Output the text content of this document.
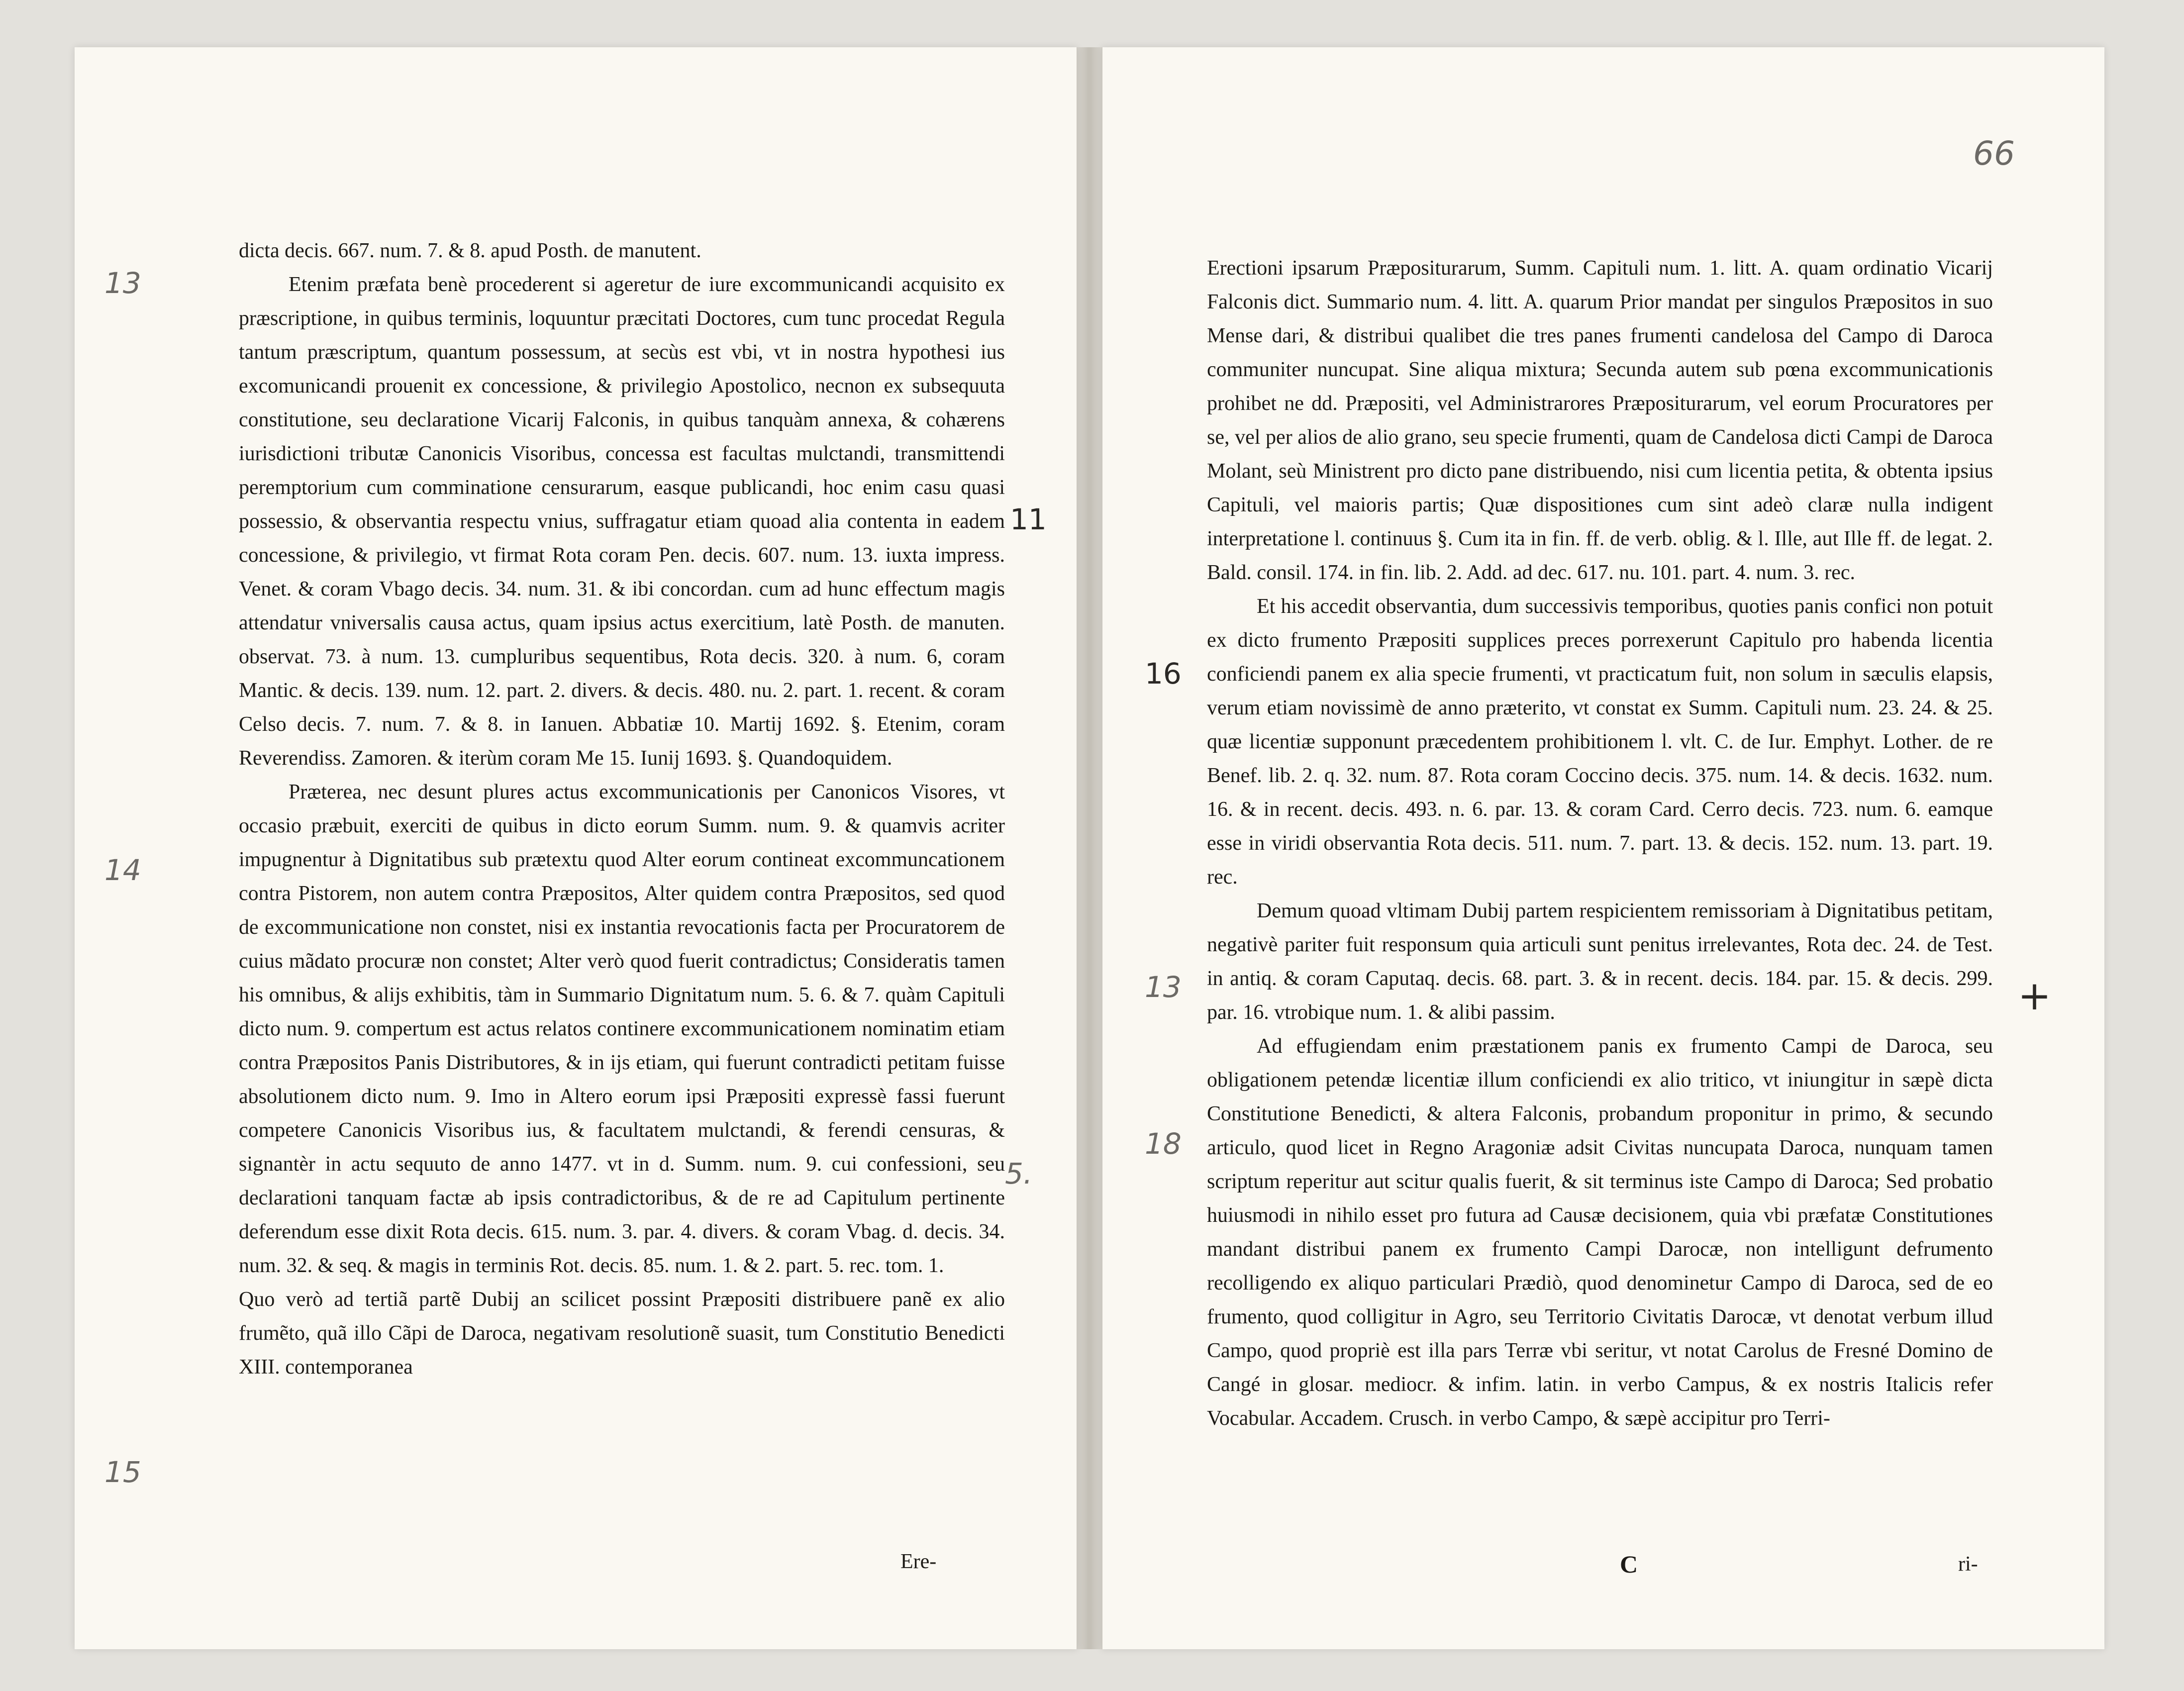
13
11
14
5.
15

dicta decis. 667. num. 7. & 8. apud Posth. de manutent.

Etenim præfata benè procederent si ageretur de iure excommunicandi acquisito ex præscriptione, in quibus terminis, loquuntur præcitati Doctores, cum tunc procedat Regula tantum præscriptum, quantum possessum, at secùs est vbi, vt in nostra hypothesi ius excomunicandi prouenit ex concessione, & privilegio Apostolico, necnon ex subsequuta constitutione, seu declaratione Vicarij Falconis, in quibus tanquàm annexa, & cohærens iurisdictioni tributæ Canonicis Visoribus, concessa est facultas mulctandi, transmittendi peremptorium cum comminatione censurarum, easque publicandi, hoc enim casu quasi possessio, & observantia respectu vnius, suffragatur etiam quoad alia contenta in eadem concessione, & privilegio, vt firmat Rota coram Pen. decis. 607. num. 13. iuxta impress. Venet. & coram Vbago decis. 34. num. 31. & ibi concordan. cum ad hunc effectum magis attendatur vniversalis causa actus, quam ipsius actus exercitium, latè Posth. de manuten. observat. 73. à num. 13. cumpluribus sequentibus, Rota decis. 320. à num. 6, coram Mantic. & decis. 139. num. 12. part. 2. divers. & decis. 480. nu. 2. part. 1. recent. & coram Celso decis. 7. num. 7. & 8. in Ianuen. Abbatiæ 10. Martij 1692. §. Etenim, coram Reverendiss. Zamoren. & iterùm coram Me 15. Iunij 1693. §. Quandoquidem.

Præterea, nec desunt plures actus excommunicationis per Canonicos Visores, vt occasio præbuit, exerciti de quibus in dicto eorum Summ. num. 9. & quamvis acriter impugnentur à Dignitatibus sub prætextu quod Alter eorum contineat excommuncationem contra Pistorem, non autem contra Præpositos, Alter quidem contra Præpositos, sed quod de excommunicatione non constet, nisi ex instantia revocationis facta per Procuratorem de cuius mãdato procuræ non constet; Alter verò quod fuerit contradictus; Consideratis tamen his omnibus, & alijs exhibitis, tàm in Summario Dignitatum num. 5. 6. & 7. quàm Capituli dicto num. 9. compertum est actus relatos continere excommunicationem nominatim etiam contra Præpositos Panis Distributores, & in ijs etiam, qui fuerunt contradicti petitam fuisse absolutionem dicto num. 9. Imo in Altero eorum ipsi Præpositi expressè fassi fuerunt competere Canonicis Visoribus ius, & facultatem mulctandi, & ferendi censuras, & signantèr in actu sequuto de anno 1477. vt in d. Summ. num. 9. cui confessioni, seu declarationi tanquam factæ ab ipsis contradictoribus, & de re ad Capitulum pertinente deferendum esse dixit Rota decis. 615. num. 3. par. 4. divers. & coram Vbag. d. decis. 34. num. 32. & seq. & magis in terminis Rot. decis. 85. num. 1. & 2. part. 5. rec. tom. 1.

Quo verò ad tertiã partẽ Dubij an scilicet possint Præpositi distribuere panẽ ex alio frumẽto, quã illo Cãpi de Daroca, negativam resolutionẽ suasit, tum Constitutio Benedicti XIII. contemporanea

Ere-
66
16
13
18
+

Erectioni ipsarum Præpositurarum, Summ. Capituli num. 1. litt. A. quam ordinatio Vicarij Falconis dict. Summario num. 4. litt. A. quarum Prior mandat per singulos Præpositos in suo Mense dari, & distribui qualibet die tres panes frumenti candelosa del Campo di Daroca communiter nuncupat. Sine aliqua mixtura; Secunda autem sub pœna excommunicationis prohibet ne dd. Præpositi, vel Administrarores Præpositurarum, vel eorum Procuratores per se, vel per alios de alio grano, seu specie frumenti, quam de Candelosa dicti Campi de Daroca Molant, seù Ministrent pro dicto pane distribuendo, nisi cum licentia petita, & obtenta ipsius Capituli, vel maioris partis; Quæ dispositiones cum sint adeò claræ nulla indigent interpretatione l. continuus §. Cum ita in fin. ff. de verb. oblig. & l. Ille, aut Ille ff. de legat. 2. Bald. consil. 174. in fin. lib. 2. Add. ad dec. 617. nu. 101. part. 4. num. 3. rec.

Et his accedit observantia, dum successivis temporibus, quoties panis confici non potuit ex dicto frumento Præpositi supplices preces porrexerunt Capitulo pro habenda licentia conficiendi panem ex alia specie frumenti, vt practicatum fuit, non solum in sæculis elapsis, verum etiam novissimè de anno præterito, vt constat ex Summ. Capituli num. 23. 24. & 25. quæ licentiæ supponunt præcedentem prohibitionem l. vlt. C. de Iur. Emphyt. Lother. de re Benef. lib. 2. q. 32. num. 87. Rota coram Coccino decis. 375. num. 14. & decis. 1632. num. 16. & in recent. decis. 493. n. 6. par. 13. & coram Card. Cerro decis. 723. num. 6. eamque esse in viridi observantia Rota decis. 511. num. 7. part. 13. & decis. 152. num. 13. part. 19. rec.

Demum quoad vltimam Dubij partem respicientem remissoriam à Dignitatibus petitam, negativè pariter fuit responsum quia articuli sunt penitus irrelevantes, Rota dec. 24. de Test. in antiq. & coram Caputaq. decis. 68. part. 3. & in recent. decis. 184. par. 15. & decis. 299. par. 16. vtrobique num. 1. & alibi passim.

Ad effugiendam enim præstationem panis ex frumento Campi de Daroca, seu obligationem petendæ licentiæ illum conficiendi ex alio tritico, vt iniungitur in sæpè dicta Constitutione Benedicti, & altera Falconis, probandum proponitur in primo, & secundo articulo, quod licet in Regno Aragoniæ adsit Civitas nuncupata Daroca, nunquam tamen scriptum reperitur aut scitur qualis fuerit, & sit terminus iste Campo di Daroca; Sed probatio huiusmodi in nihilo esset pro futura ad Causæ decisionem, quia vbi præfatæ Constitutiones mandant distribui panem ex frumento Campi Darocæ, non intelligunt defrumento recolligendo ex aliquo particulari Prædiò, quod denominetur Campo di Daroca, sed de eo frumento, quod colligitur in Agro, seu Territorio Civitatis Darocæ, vt denotat verbum illud Campo, quod propriè est illa pars Terræ vbi seritur, vt notat Carolus de Fresné Domino de Cangé in glosar. mediocr. & infim. latin. in verbo Campus, & ex nostris Italicis refer Vocabular. Accadem. Crusch. in verbo Campo, & sæpè accipitur pro Terri-

C	ri-
